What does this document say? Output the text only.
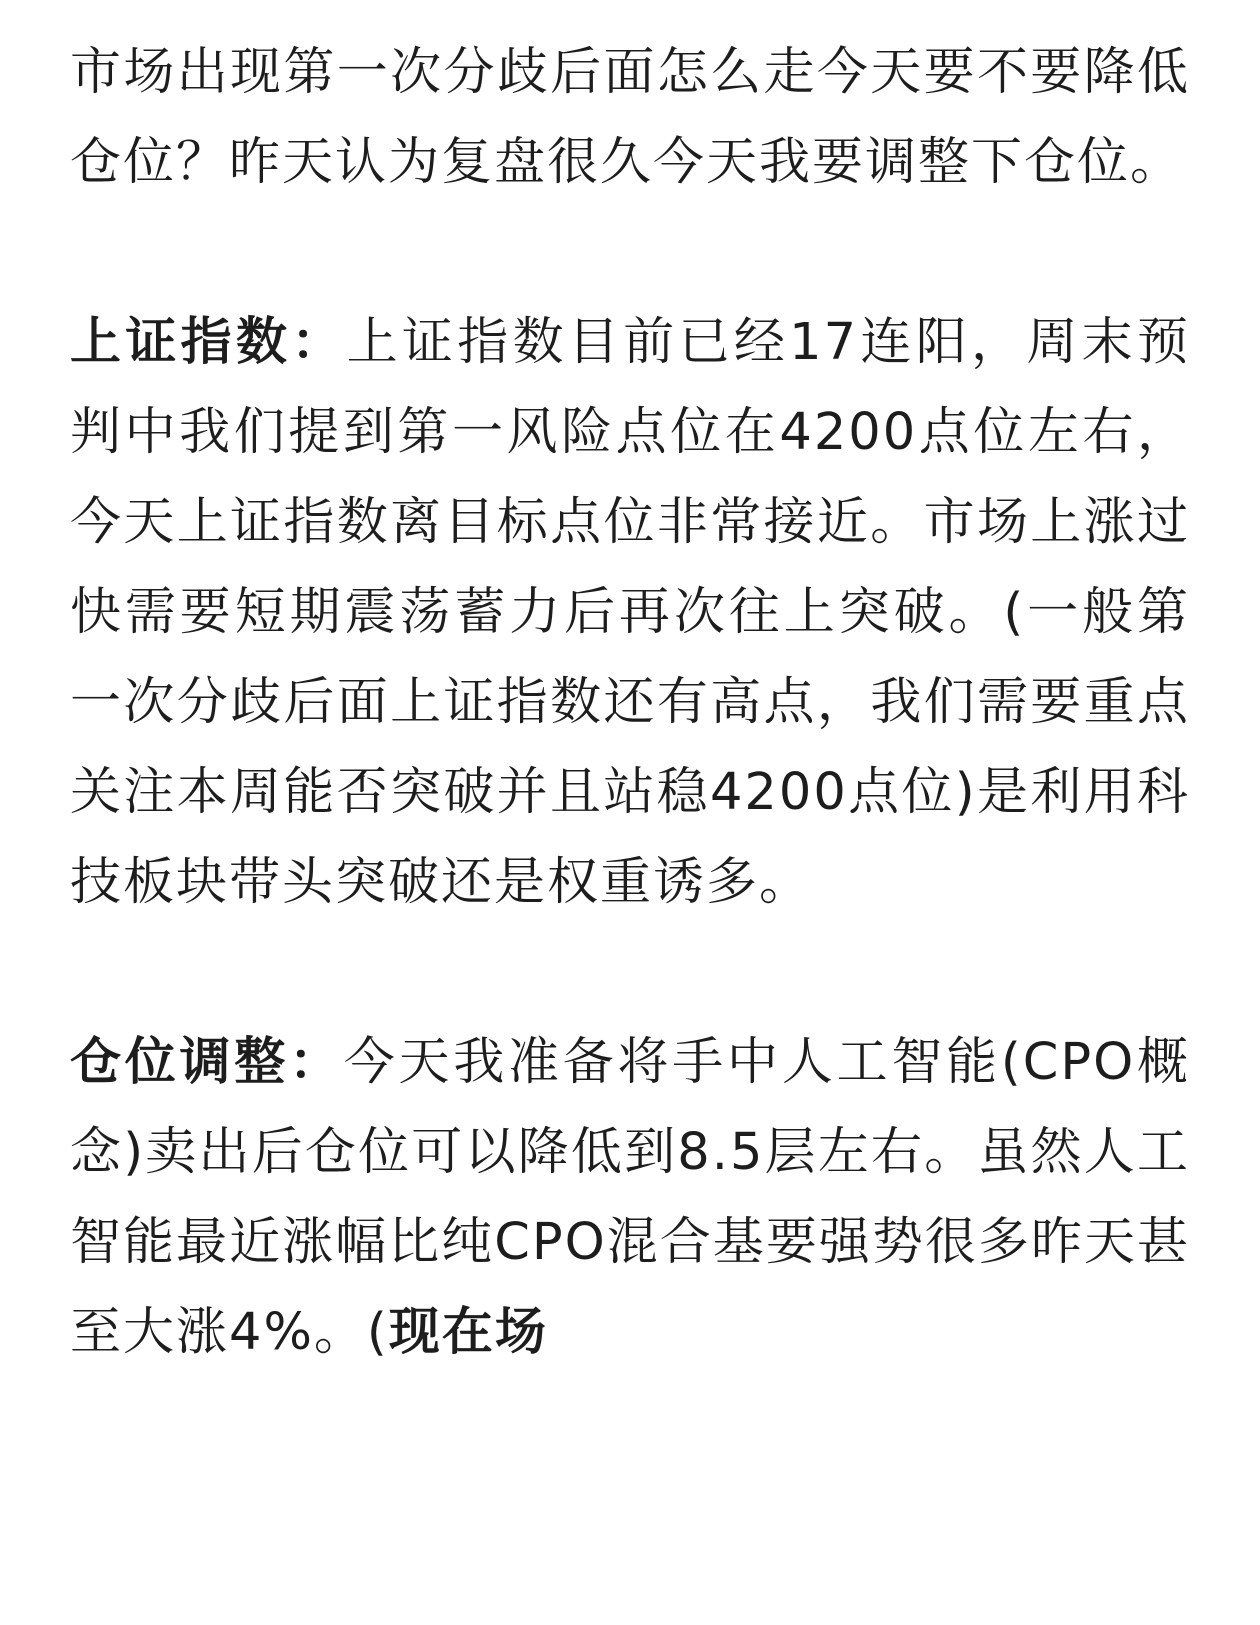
市场出现第一次分歧后面怎么走今天要不要降低仓位？昨天认为复盘很久今天我要调整下仓位。

上证指数：上证指数目前已经17连阳，周末预判中我们提到第一风险点位在4200点位左右，今天上证指数离目标点位非常接近。市场上涨过快需要短期震荡蓄力后再次往上突破。(一般第一次分歧后面上证指数还有高点，我们需要重点关注本周能否突破并且站稳4200点位)是利用科技板块带头突破还是权重诱多。

仓位调整：今天我准备将手中人工智能(CPO概念)卖出后仓位可以降低到8.5层左右。虽然人工智能最近涨幅比纯CPO混合基要强势很多昨天甚至大涨4%。(现在场
